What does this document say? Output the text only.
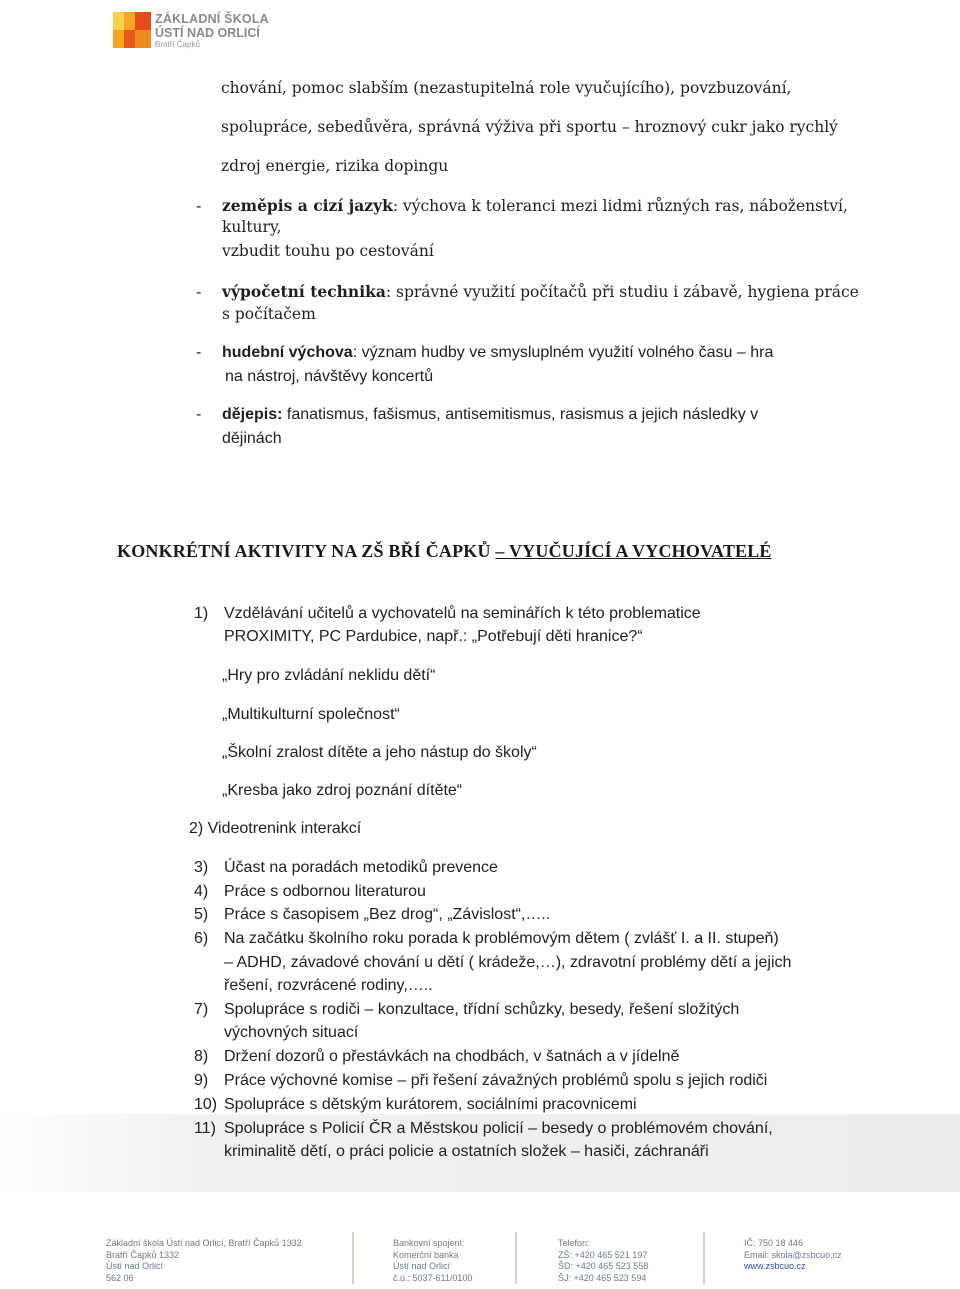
ZÁKLADNÍ ŠKOLA
ÚSTÍ NAD ORLICÍ
Bratří Čapků
chování, pomoc slabším (nezastupitelná role vyučujícího), povzbuzování,
spolupráce, sebedůvěra, správná výživa při sportu – hroznový cukr jako rychlý
zdroj energie, rizika dopingu
- zeměpis a cizí jazyk: výchova k toleranci mezi lidmi různých ras, náboženství,
kultury,
vzbudit touhu po cestování
- výpočetní technika: správné využití počítačů při studiu i zábavě, hygiena práce
s počítačem
- hudební výchova: význam hudby ve smysluplném využití volného času – hra
na nástroj, návštěvy koncertů
- dějepis: fanatismus, fašismus, antisemitismus, rasismus a jejich následky v
dějinách
KONKRÉTNÍ AKTIVITY NA ZŠ BŘÍ ČAPKŮ – VYUČUJÍCÍ A VYCHOVATELÉ
1) Vzdělávání učitelů a vychovatelů na seminářích k této problematice
PROXIMITY, PC Pardubice, např.: „Potřebují děti hranice?“
„Hry pro zvládání neklidu dětí“
„Multikulturní společnost“
„Školní zralost dítěte a jeho nástup do školy“
„Kresba jako zdroj poznání dítěte“
2) Videotrenink interakcí
3) Účast na poradách metodiků prevence
4) Práce s odbornou literaturou
5) Práce s časopisem „Bez drog“, „Závislost“,…..
6) Na začátku školního roku porada k problémovým dětem ( zvlášť I. a II. stupeň)
– ADHD, závadové chování u dětí ( krádeže,…), zdravotní problémy dětí a jejich
řešení, rozvrácené rodiny,…..
7) Spolupráce s rodiči – konzultace, třídní schůzky, besedy, řešení složitých
výchovných situací
8) Držení dozorů o přestávkách na chodbách, v šatnách a v jídelně
9) Práce výchovné komise – při řešení závažných problémů spolu s jejich rodiči
10) Spolupráce s dětským kurátorem, sociálními pracovnicemi
11) Spolupráce s Policií ČR a Městskou policií – besedy o problémovém chování,
kriminalitě dětí, o práci policie a ostatních složek – hasiči, záchranáři
Základní škola Ústí nad Orlicí, Bratří Čapků 1332
Bratří Čapků 1332
Ústí nad Orlicí
562 06
Bankovní spojení:
Komerční banka
Ústí nad Orlicí
č.ú.: 5037-611/0100
Telefon:
ZŠ: +420 465 521 197
ŠD: +420 465 523 558
ŠJ: +420 465 523 594
IČ: 750 18 446
Email: skola@zsbcuo.cz
www.zsbcuo.cz
